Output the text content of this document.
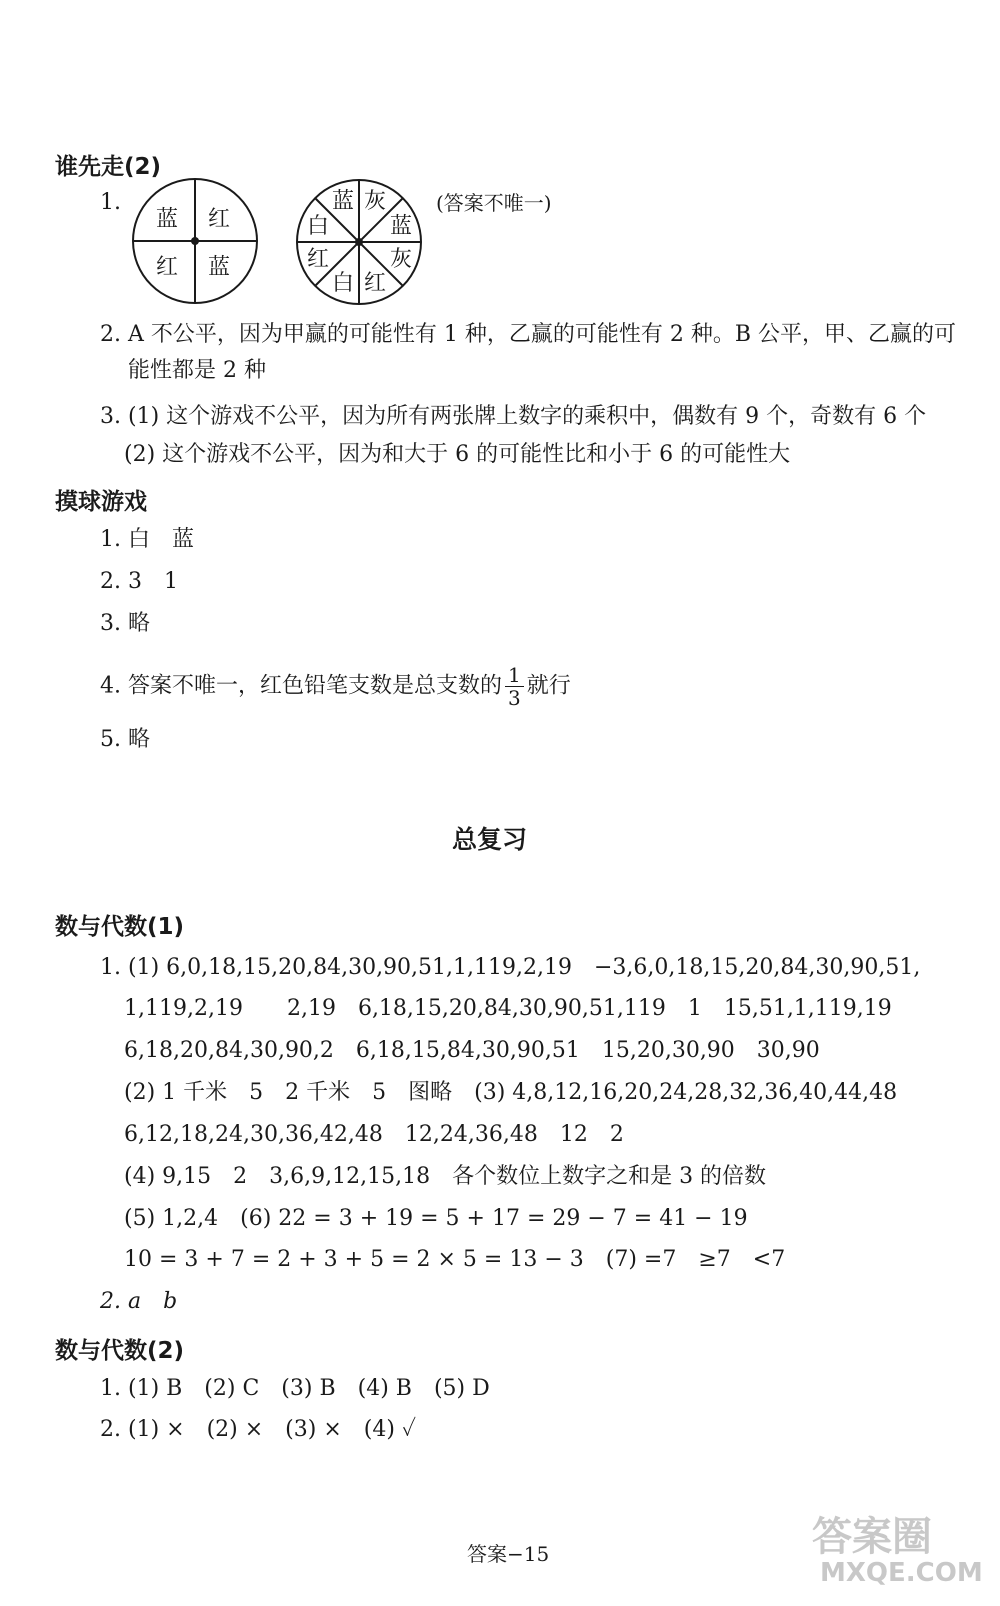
谁先走(2)
1.
蓝 红
红 蓝
蓝 灰
白	蓝
红	灰
白 红
(答案不唯一)
2. A 不公平，因为甲赢的可能性有 1 种，乙赢的可能性有 2 种。B 公平，甲、乙赢的可
能性都是 2 种
3. (1) 这个游戏不公平，因为所有两张牌上数字的乘积中，偶数有 9 个，奇数有 6 个
(2) 这个游戏不公平，因为和大于 6 的可能性比和小于 6 的可能性大
摸球游戏
1. 白　蓝
2. 3　1
3. 略
4. 答案不唯一，红色铅笔支数是总支数的 $\frac{1}{3}$ 就行
5. 略
总复习
数与代数(1)
1. (1) 6,0,18,15,20,84,30,90,51,1,119,2,19　−3,6,0,18,15,20,84,30,90,51,
1,119,2,19　　2,19　6,18,15,20,84,30,90,51,119　1　15,51,1,119,19
6,18,20,84,30,90,2　6,18,15,84,30,90,51　15,20,30,90　30,90
(2) 1 千米　5　2 千米　5　图略　(3) 4,8,12,16,20,24,28,32,36,40,44,48
6,12,18,24,30,36,42,48　12,24,36,48　12　2
(4) 9,15　2　3,6,9,12,15,18　各个数位上数字之和是 3 的倍数
(5) 1,2,4　(6) 22 = 3 + 19 = 5 + 17 = 29 − 7 = 41 − 19
10 = 3 + 7 = 2 + 3 + 5 = 2 × 5 = 13 − 3　(7) =7　≥7　<7
2. a　b
数与代数(2)
1. (1) B　(2) C　(3) B　(4) B　(5) D
2. (1) ×　(2) ×　(3) ×　(4) ✓
答案−15	答案圈
MXQE.COM
